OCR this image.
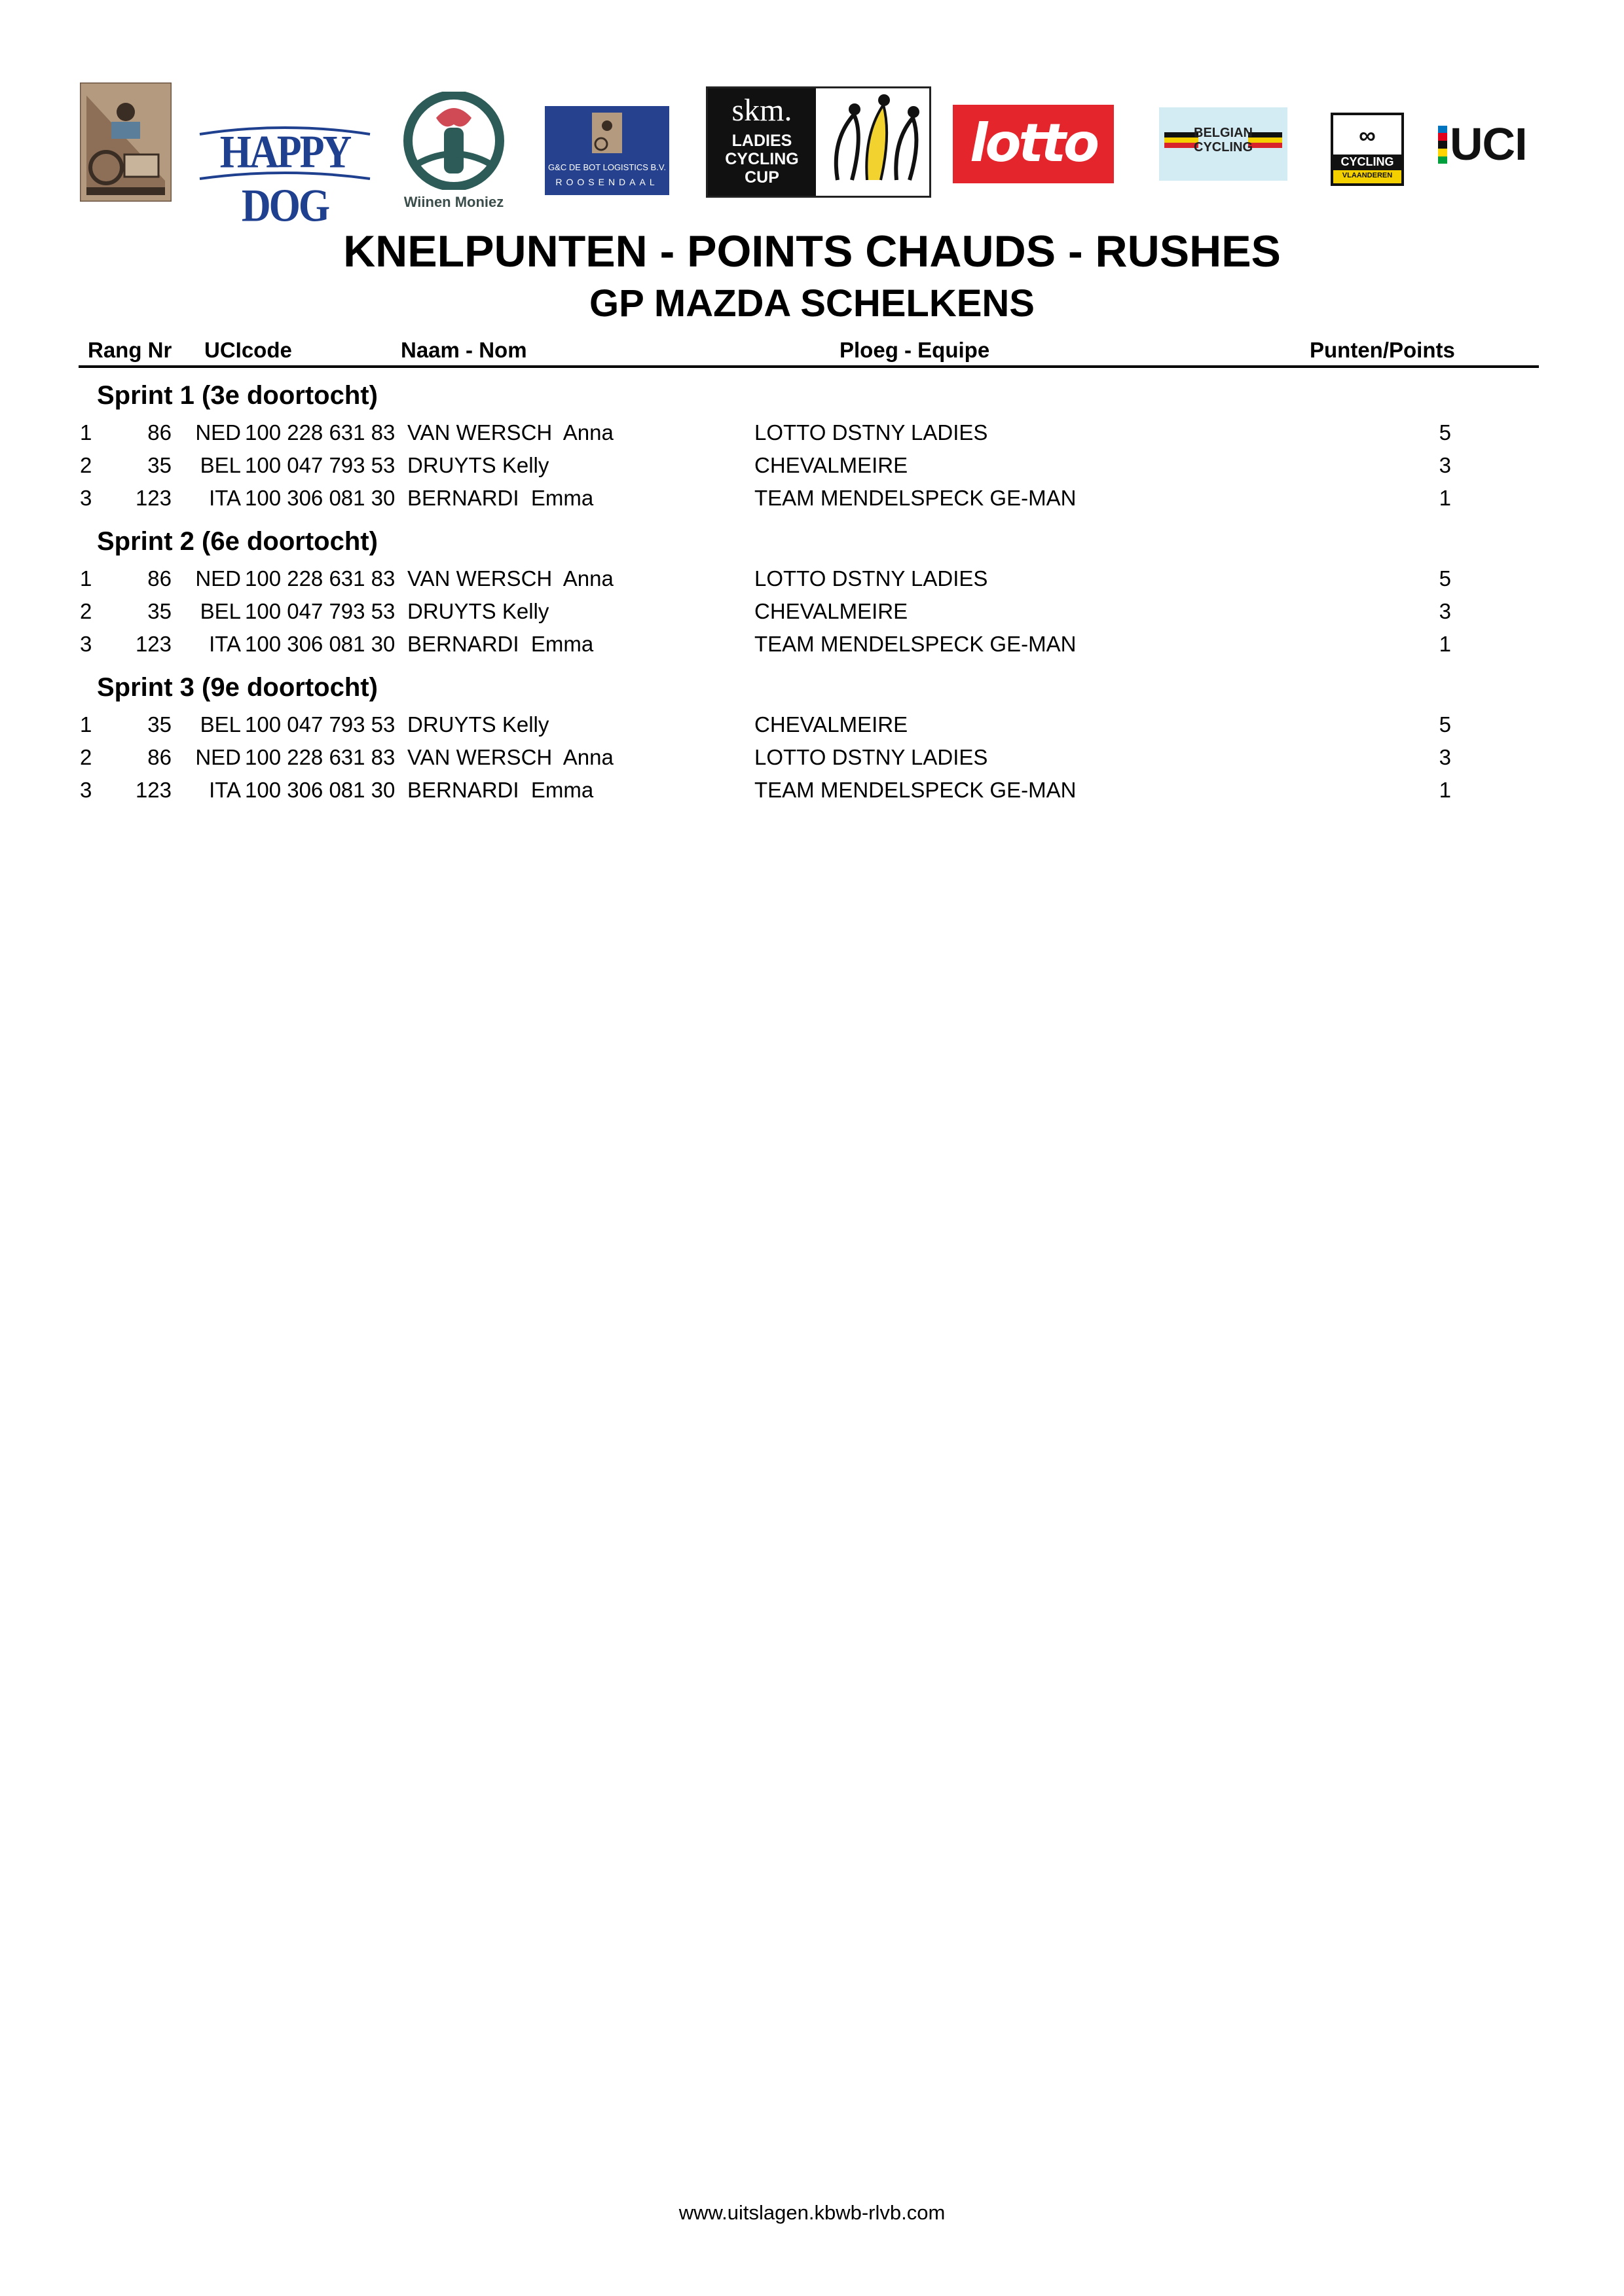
HAPPY DOG	Wiinen Moniez
G&C DE BOT LOGISTICS B.V.
ROOSENDAAL
skm.
LADIES
CYCLING
CUP
lotto	BELGIAN
CYCLING	∞
CYCLING
VLAANDEREN
UCI
KNELPUNTEN - POINTS CHAUDS - RUSHES
GP MAZDA SCHELKENS
Rang Nr UCIcode	Naam - Nom	Ploeg - Equipe	Punten/Points
Sprint 1 (3e doortocht)
1	86 NED 100 228 631 83 VAN WERSCH  Anna	LOTTO DSTNY LADIES	5
2	35 BEL 100 047 793 53 DRUYTS Kelly	CHEVALMEIRE	3
3 123 ITA 100 306 081 30 BERNARDI  Emma	TEAM MENDELSPECK GE-MAN	1
Sprint 2 (6e doortocht)
1	86 NED 100 228 631 83 VAN WERSCH  Anna	LOTTO DSTNY LADIES	5
2	35 BEL 100 047 793 53 DRUYTS Kelly	CHEVALMEIRE	3
3 123 ITA 100 306 081 30 BERNARDI  Emma	TEAM MENDELSPECK GE-MAN	1
Sprint 3 (9e doortocht)
1	35 BEL 100 047 793 53 DRUYTS Kelly	CHEVALMEIRE	5
2	86 NED 100 228 631 83 VAN WERSCH  Anna	LOTTO DSTNY LADIES	3
3 123 ITA 100 306 081 30 BERNARDI  Emma	TEAM MENDELSPECK GE-MAN	1
www.uitslagen.kbwb-rlvb.com
